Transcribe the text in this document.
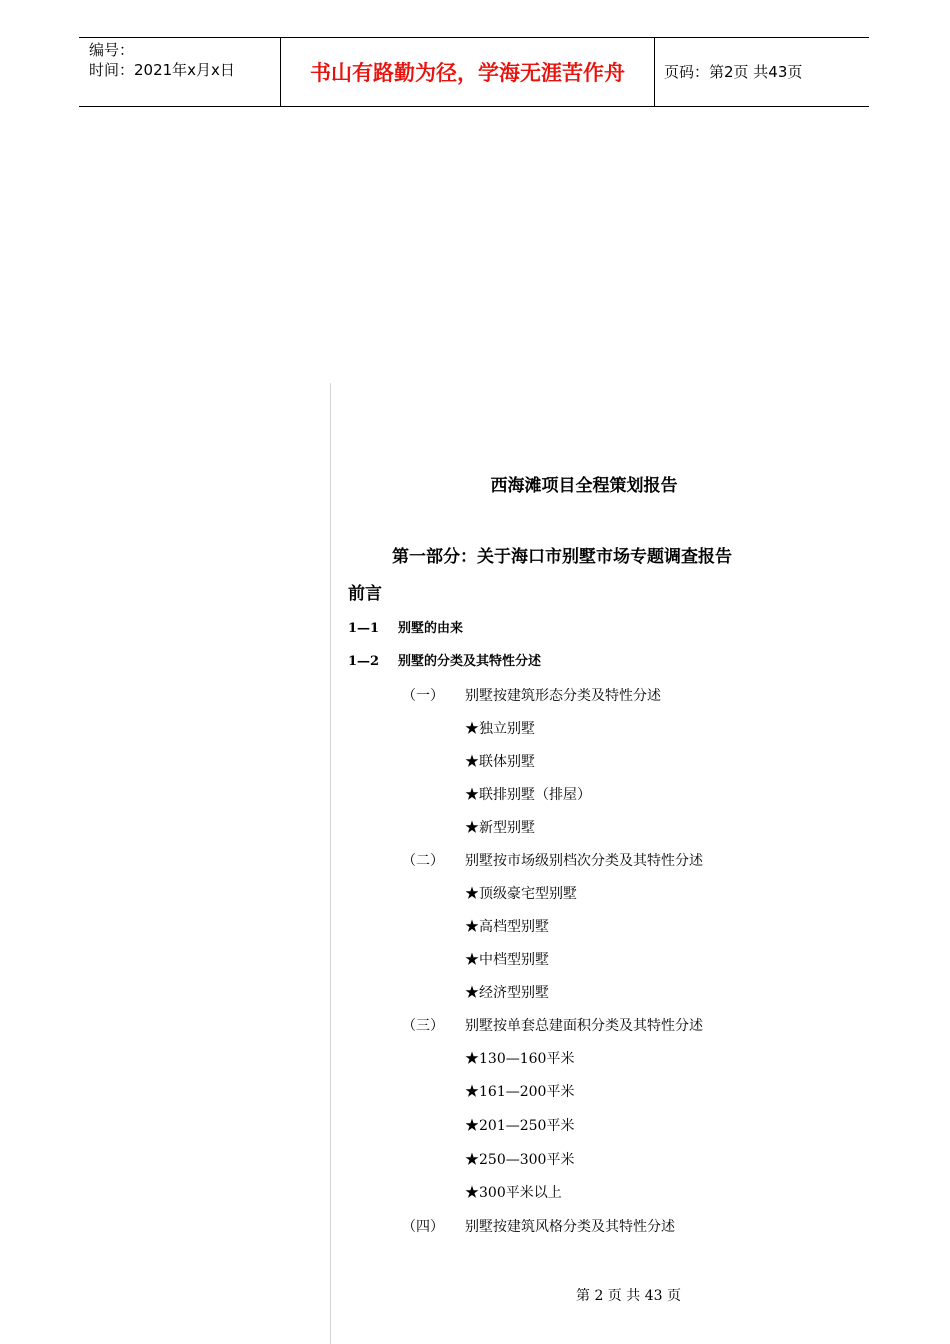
编号：
时间：2021年x月x日	书山有路勤为径，学海无涯苦作舟	页码：第2页 共43页
西海滩项目全程策划报告
第一部分：关于海口市别墅市场专题调查报告
前言
1—1 别墅的由来
1—2 别墅的分类及其特性分述
（一） 别墅按建筑形态分类及特性分述
★独立别墅
★联体别墅
★联排别墅（排屋）
★新型别墅
（二） 别墅按市场级别档次分类及其特性分述
★顶级豪宅型别墅
★高档型别墅
★中档型别墅
★经济型别墅
（三） 别墅按单套总建面积分类及其特性分述
★130—160平米
★161—200平米
★201—250平米
★250—300平米
★300平米以上
（四） 别墅按建筑风格分类及其特性分述
第 2 页 共 43 页
